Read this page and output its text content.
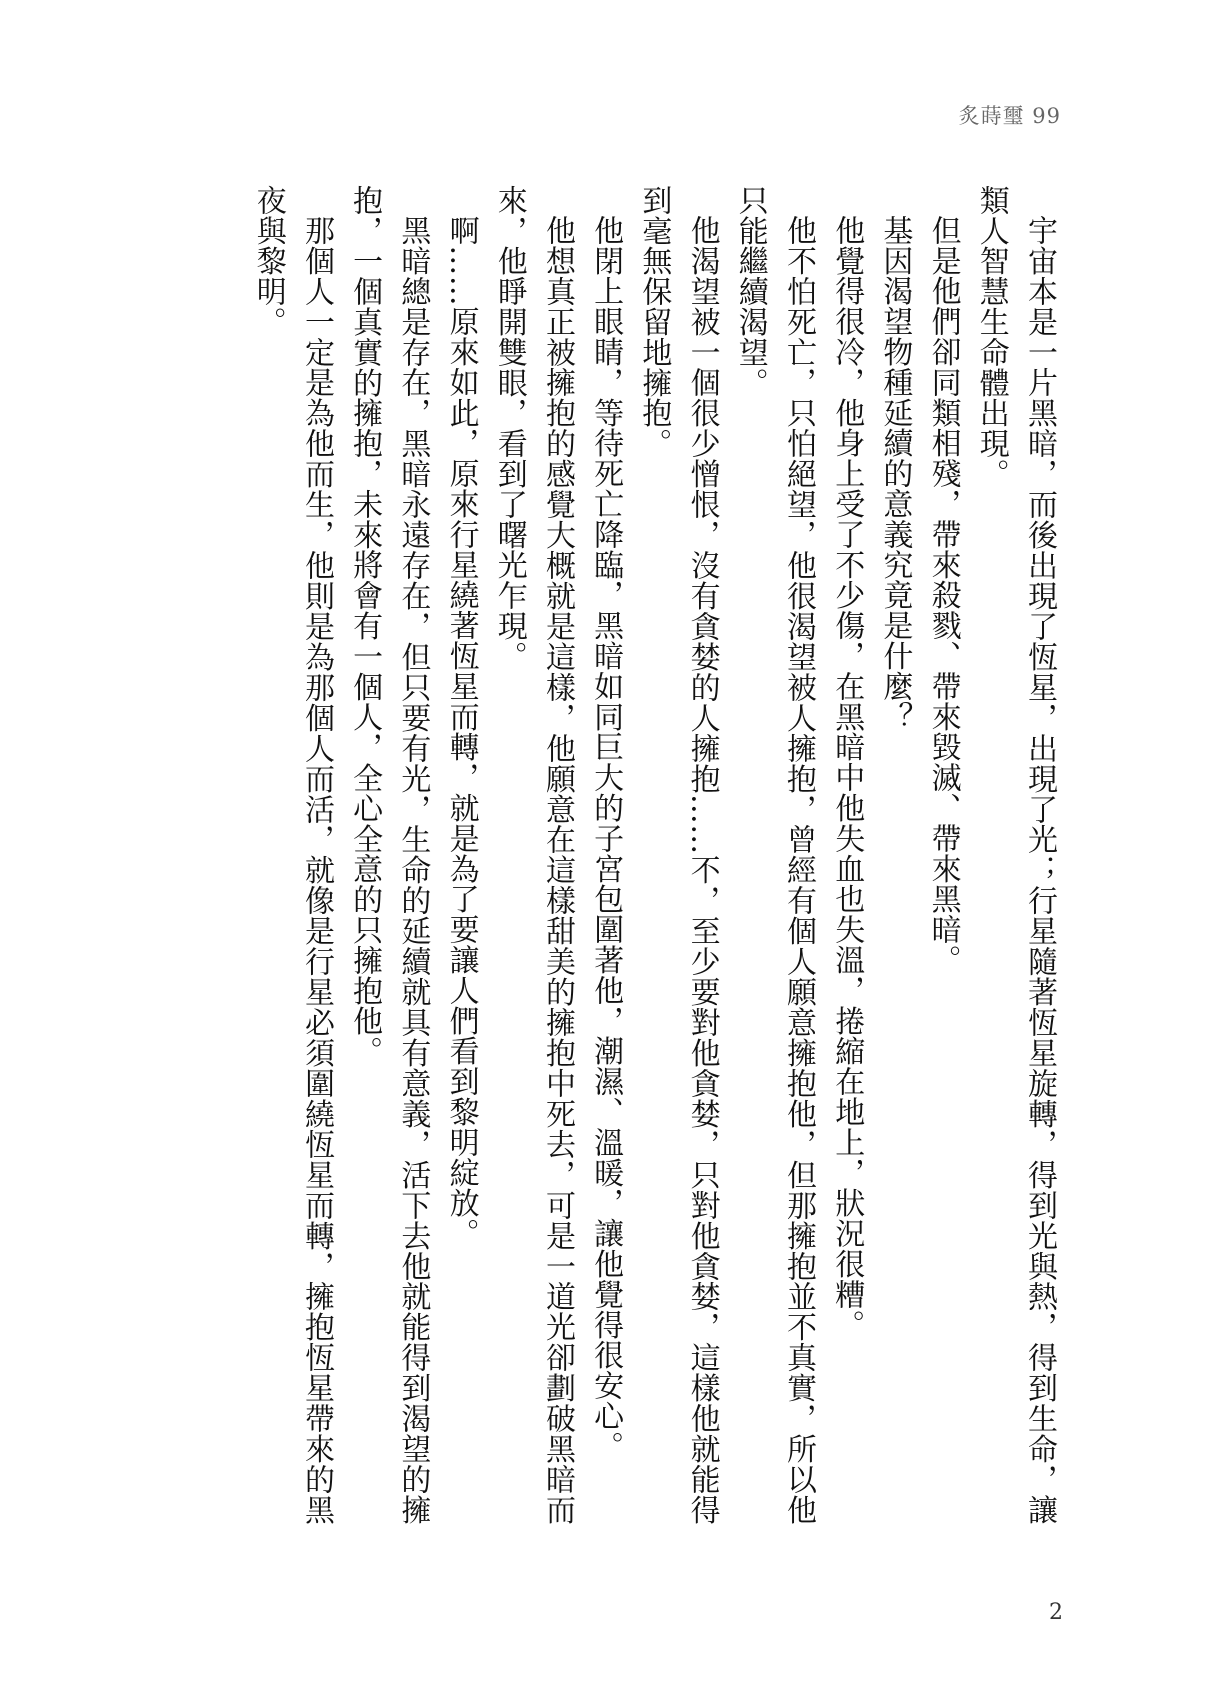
炙蒔璽 99

宇宙本是一片黑暗，而後出現了恆星，出現了光；行星隨著恆星旋轉，得到光與熱，得到生命，讓類人智慧生命體出現。

但是他們卻同類相殘，帶來殺戮、帶來毀滅、帶來黑暗。

基因渴望物種延續的意義究竟是什麼？

他覺得很冷，他身上受了不少傷，在黑暗中他失血也失溫，捲縮在地上，狀況很糟。

他不怕死亡，只怕絕望，他很渴望被人擁抱，曾經有個人願意擁抱他，但那擁抱並不真實，所以他只能繼續渴望。

他渴望被一個很少憎恨，沒有貪婪的人擁抱……不，至少要對他貪婪，只對他貪婪，這樣他就能得到毫無保留地擁抱。

他閉上眼睛，等待死亡降臨，黑暗如同巨大的子宮包圍著他，潮濕、溫暖，讓他覺得很安心。

他想真正被擁抱的感覺大概就是這樣，他願意在這樣甜美的擁抱中死去，可是一道光卻劃破黑暗而來，他睜開雙眼，看到了曙光乍現。

啊……原來如此，原來行星繞著恆星而轉，就是為了要讓人們看到黎明綻放。

黑暗總是存在，黑暗永遠存在，但只要有光，生命的延續就具有意義，活下去他就能得到渴望的擁抱，一個真實的擁抱，未來將會有一個人，全心全意的只擁抱他。

那個人一定是為他而生，他則是為那個人而活，就像是行星必須圍繞恆星而轉，擁抱恆星帶來的黑夜與黎明。

2
